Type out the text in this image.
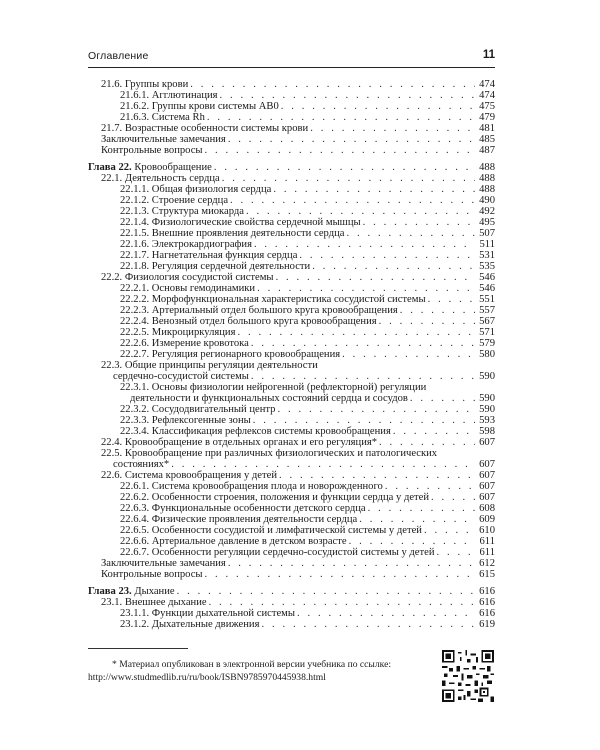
Оглавление	11
21.6. Группы крови . . .	474
21.6.1. Агглютинация . . .	474
21.6.2. Группы крови системы АВ0 . . .	475
21.6.3. Система Rh . . .	479
21.7. Возрастные особенности системы крови . . .	481
Заключительные замечания . . .	485
Контрольные вопросы . . .	487
Глава 22. Кровообращение . . .	488
22.1. Деятельность сердца . . .	488
22.1.1. Общая физиология сердца . . .	488
22.1.2. Строение сердца . . .	490
22.1.3. Структура миокарда . . .	492
22.1.4. Физиологические свойства сердечной мышцы . . .	495
22.1.5. Внешние проявления деятельности сердца . . .	507
22.1.6. Электрокардиография . . .	511
22.1.7. Нагнетательная функция сердца . . .	531
22.1.8. Регуляция сердечной деятельности . . .	535
22.2. Физиология сосудистой системы . . .	546
22.2.1. Основы гемодинамики . . .	546
22.2.2. Морфофункциональная характеристика сосудистой системы . . .	551
22.2.3. Артериальный отдел большого круга кровообращения . . .	557
22.2.4. Венозный отдел большого круга кровообращения . . .	567
22.2.5. Микроциркуляция . . .	571
22.2.6. Измерение кровотока . . .	579
22.2.7. Регуляция регионарного кровообращения . . .	580
22.3. Общие принципы регуляции деятельности
сердечно-сосудистой системы . . .	590
22.3.1. Основы физиологии нейрогенной (рефлекторной) регуляции
деятельности и функциональных состояний сердца и сосудов . . .	590
22.3.2. Сосудодвигательный центр . . .	590
22.3.3. Рефлексогенные зоны . . .	593
22.3.4. Классификация рефлексов системы кровообращения . . .	598
22.4. Кровообращение в отдельных органах и его регуляция* . . .	607
22.5. Кровообращение при различных физиологических и патологических
состояниях* . . .	607
22.6. Система кровообращения у детей . . .	607
22.6.1. Система кровообращения плода и новорожденного . . .	607
22.6.2. Особенности строения, положения и функции сердца у детей . . .	607
22.6.3. Функциональные особенности детского сердца . . .	608
22.6.4. Физические проявления деятельности сердца . . .	609
22.6.5. Особенности сосудистой и лимфатической системы у детей . . .	610
22.6.6. Артериальное давление в детском возрасте . . .	611
22.6.7. Особенности регуляции сердечно-сосудистой системы у детей . . .	611
Заключительные замечания . . .	612
Контрольные вопросы . . .	615
Глава 23. Дыхание . . .	616
23.1. Внешнее дыхание . . .	616
23.1.1. Функции дыхательной системы . . .	616
23.1.2. Дыхательные движения . . .	619
* Материал опубликован в электронной версии учебника по ссылке:
http://www.studmedlib.ru/ru/book/ISBN9785970445938.html
